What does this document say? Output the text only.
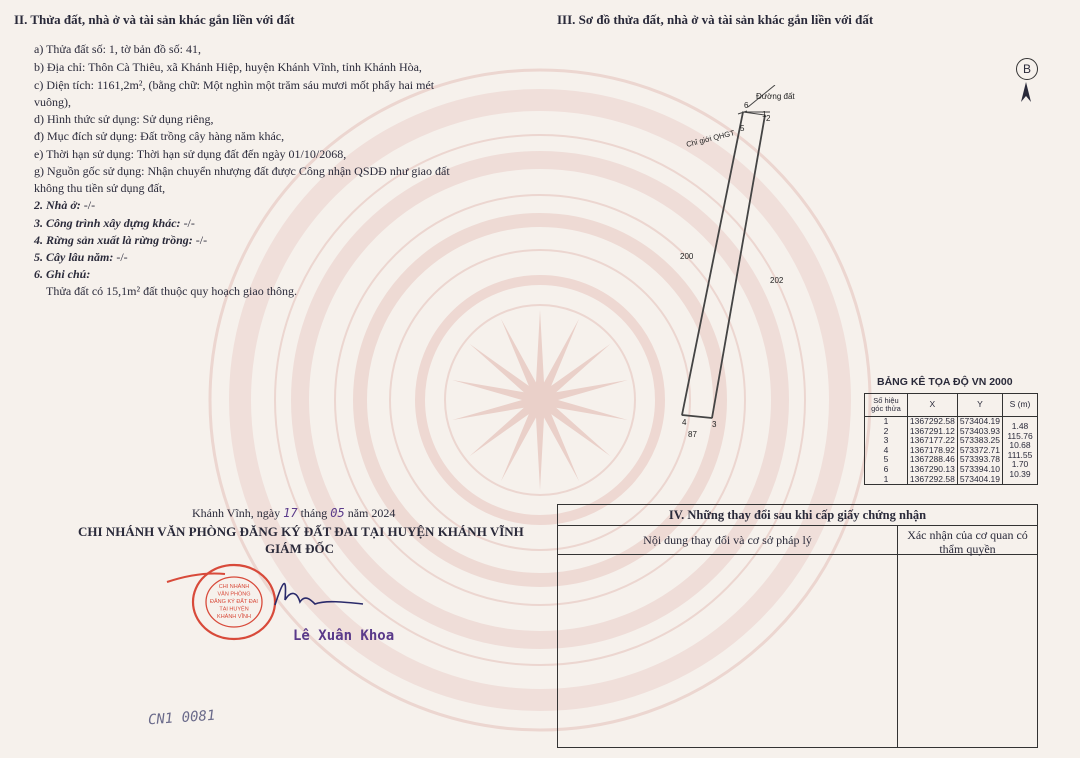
II. Thửa đất, nhà ở và tài sản khác gắn liền với đất
a) Thửa đất số: 1, tờ bản đồ số: 41,
b) Địa chỉ: Thôn Cà Thiêu, xã Khánh Hiệp, huyện Khánh Vĩnh, tỉnh Khánh Hòa,
c) Diện tích: 1161,2m², (bằng chữ: Một nghìn một trăm sáu mươi mốt phẩy hai mét
vuông),
d) Hình thức sử dụng: Sử dụng riêng,
đ) Mục đích sử dụng: Đất trồng cây hàng năm khác,
e) Thời hạn sử dụng: Thời hạn sử dụng đất đến ngày 01/10/2068,
g) Nguồn gốc sử dụng: Nhận chuyển nhượng đất được Công nhận QSDĐ như giao đất
không thu tiền sử dụng đất,
2. Nhà ở: -/-
3. Công trình xây dựng khác: -/-
4. Rừng sản xuất là rừng trồng: -/-
5. Cây lâu năm: -/-
6. Ghi chú:
Thửa đất có 15,1m² đất thuộc quy hoạch giao thông.
Khánh Vĩnh, ngày 17 tháng 05 năm 2024
CHI NHÁNH VĂN PHÒNG ĐĂNG KÝ ĐẤT ĐAI TẠI HUYỆN KHÁNH VĨNH
GIÁM ĐỐC
CHI NHÁNH
VĂN PHÒNG
ĐĂNG KÝ ĐẤT ĐAI
TẠI HUYỆN
KHÁNH VĨNH
Lê Xuân Khoa
CN1 0081
III. Sơ đồ thửa đất, nhà ở và tài sản khác gắn liền với đất
B
Đường đất
6
1 2
5
4	3
200
202
87
Chỉ giới QHGT
BẢNG KÊ TỌA ĐỘ VN 2000
Số hiệu góc thửa	X	Y	S (m)
1	1367292.58	573404.19	1.48
2	1367291.12	573403.93	115.76
3	1367177.22	573383.25	10.68
4	1367178.92	573372.71	111.55
5	1367288.46	573393.78	1.70
6	1367290.13	573394.10	10.39
1	1367292.58	573404.19	
IV. Những thay đổi sau khi cấp giấy chứng nhận
Nội dung thay đổi và cơ sở pháp lý	Xác nhận của cơ quan có thẩm quyền
